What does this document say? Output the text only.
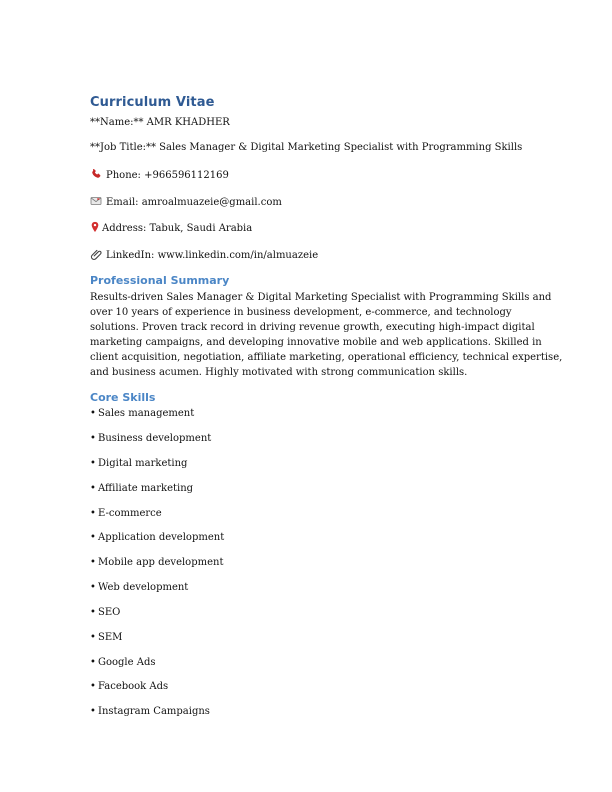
Curriculum Vitae
**Name:** AMR KHADHER
**Job Title:** Sales Manager & Digital Marketing Specialist with Programming Skills
Phone: +966596112169
Email: amroalmuazeie@gmail.com
Address: Tabuk, Saudi Arabia
LinkedIn: www.linkedin.com/in/almuazeie
Professional Summary
Results-driven Sales Manager & Digital Marketing Specialist with Programming Skills and
over 10 years of experience in business development, e-commerce, and technology
solutions. Proven track record in driving revenue growth, executing high-impact digital
marketing campaigns, and developing innovative mobile and web applications. Skilled in
client acquisition, negotiation, affiliate marketing, operational efficiency, technical expertise,
and business acumen. Highly motivated with strong communication skills.
Core Skills
• Sales management
• Business development
• Digital marketing
• Affiliate marketing
• E-commerce
• Application development
• Mobile app development
• Web development
• SEO
• SEM
• Google Ads
• Facebook Ads
• Instagram Campaigns
